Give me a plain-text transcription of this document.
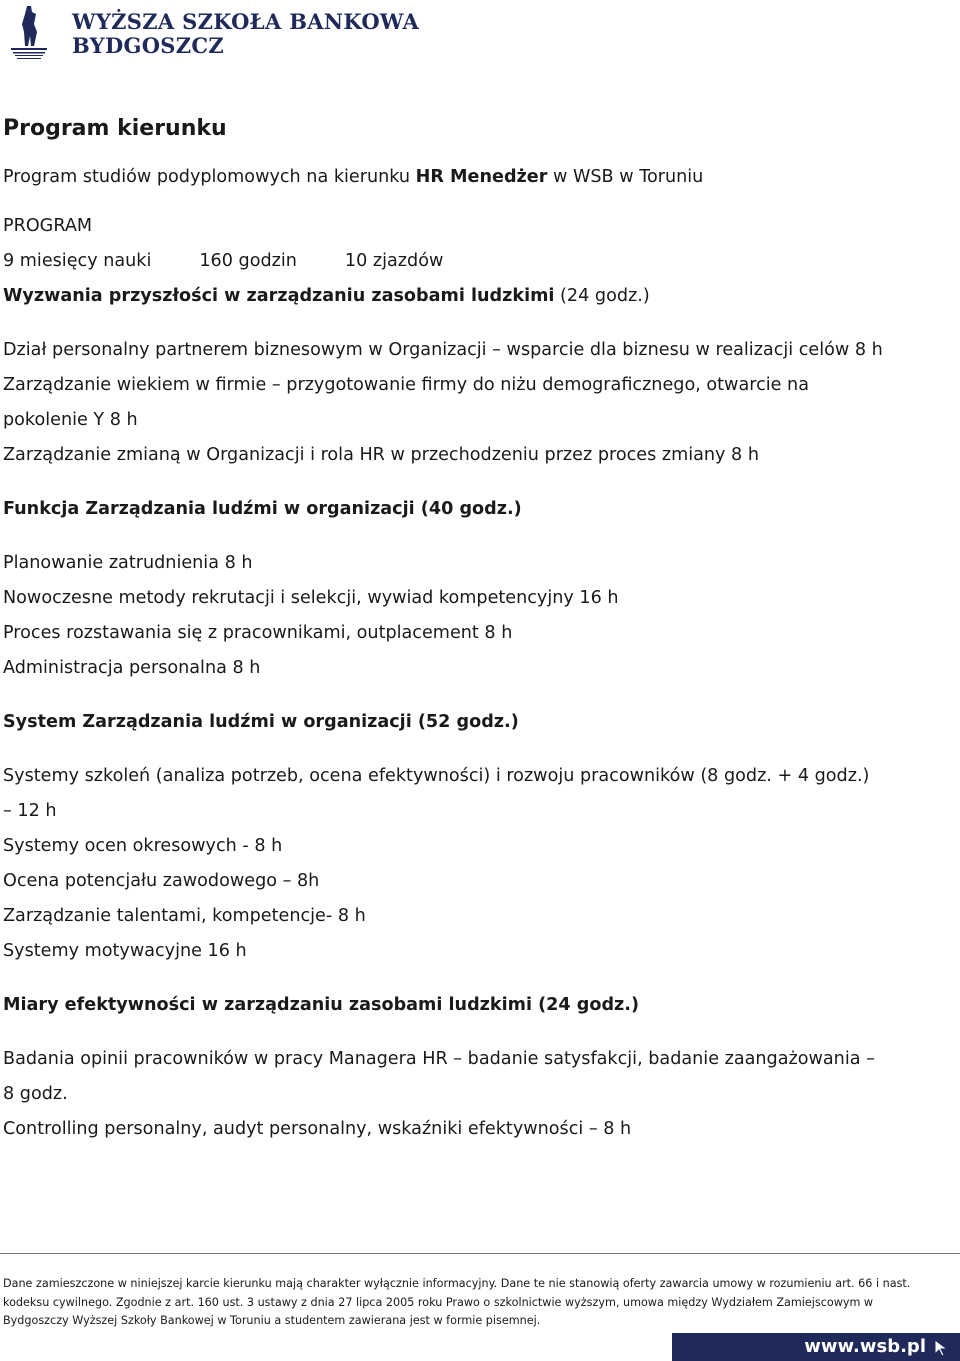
WYŻSZA SZKOŁA BANKOWA
BYDGOSZCZ
Program kierunku

Program studiów podyplomowych na kierunku HR Menedżer w WSB w Toruniu

PROGRAM

9 miesięcy nauki	160 godzin	10 zjazdów

Wyzwania przyszłości w zarządzaniu zasobami ludzkimi (24 godz.)

Dział personalny partnerem biznesowym w Organizacji – wsparcie dla biznesu w realizacji celów 8 h

Zarządzanie wiekiem w firmie – przygotowanie firmy do niżu demograficznego, otwarcie na

pokolenie Y 8 h

Zarządzanie zmianą w Organizacji i rola HR w przechodzeniu przez proces zmiany 8 h

Funkcja Zarządzania ludźmi w organizacji (40 godz.)

Planowanie zatrudnienia 8 h

Nowoczesne metody rekrutacji i selekcji, wywiad kompetencyjny 16 h

Proces rozstawania się z pracownikami, outplacement 8 h

Administracja personalna 8 h

System Zarządzania ludźmi w organizacji (52 godz.)

Systemy szkoleń (analiza potrzeb, ocena efektywności) i rozwoju pracowników (8 godz. + 4 godz.)

– 12 h

Systemy ocen okresowych - 8 h

Ocena potencjału zawodowego – 8h

Zarządzanie talentami, kompetencje- 8 h

Systemy motywacyjne 16 h

Miary efektywności w zarządzaniu zasobami ludzkimi (24 godz.)

Badania opinii pracowników w pracy Managera HR – badanie satysfakcji, badanie zaangażowania –

8 godz.

Controlling personalny, audyt personalny, wskaźniki efektywności – 8 h

Dane zamieszczone w niniejszej karcie kierunku mają charakter wyłącznie informacyjny. Dane te nie stanowią oferty zawarcia umowy w rozumieniu art. 66 i nast.
kodeksu cywilnego. Zgodnie z art. 160 ust. 3 ustawy z dnia 27 lipca 2005 roku Prawo o szkolnictwie wyższym, umowa między Wydziałem Zamiejscowym w
Bydgoszczy Wyższej Szkoły Bankowej w Toruniu a studentem zawierana jest w formie pisemnej.
www.wsb.pl
